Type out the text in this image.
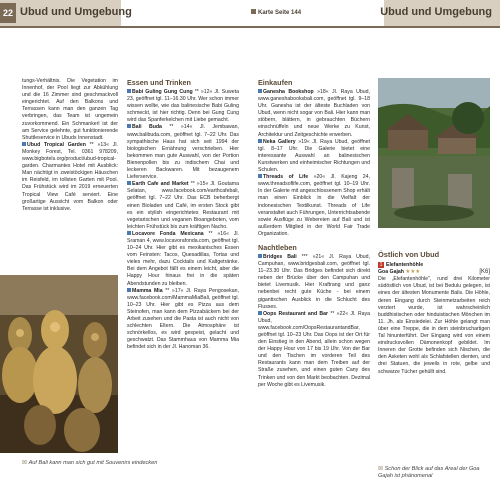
22 Ubud und Umgebung	Karte Seite 144	Ubud und Umgebung

tungs-Verhältnis. Die Vegetation im Innenhof, der Pool liegt zur Abkühlung und die 16 Zimmer sind geschmackvoll eingerichtet. Auf den Balkons und Terrassen kann man den ganzen Tag verbringen, das Team ist ungemein zuvorkommend. Ein Schmankerl ist der am Service gelehnte, gut funktionierende Shuttleservice in Ubuds Innenstadt.

Ubud Tropical Garden ** »13« Jl. Monkey Forest, Tel. 0361 978209, www.bigbotels.org/product/ubud-tropical-garden. Charmantes Hotel mit Ausblick: Man nächtigt in zweistöckigen Häuschen im Reisfeld, im tollsten Garten mit Pool. Das Frühstück wird im 2019 erneuerten Tropical View Café serviert. Eine großartige Aussicht vom Balkon oder Terrasse ist inklusive.

Essen und Trinken

Babi Guling Gung Cung ** »12« Jl. Suweta 23, geöffnet tgl. 11–16.30 Uhr. Wer schon immer wissen wollte, wie das balinesische Babi Guling schmeckt, ist hier richtig. Denn bei Gung Cung wird das Spanferkelchen mit Liebe gemacht.

Bali Buda ** »14« Jl. Jembawan, www.balibuda.com, geöffnet tgl. 7–22 Uhr. Das sympathische Haus hat sich seit 1994 der biologischen Ernährung verschrieben. Hier bekommen man gute Auswahl, von der Portion Bienenpollen bis zu indischem Chai und leckeren Backwaren. Mit bezaugenem Lieferservice.

Earth Cafe and Market ** »15« Jl. Goutama Selatan, www.facebook.com/earthcafebali, geöffnet tgl. 7–22 Uhr. Das ECB beherbergt einen Bioladen und Café, im ersten Stock gibt es ein stylish eingerichtetes Restaurant mit vegetarischen und veganen Bioangeboten, vom leichten Frühstück bis zum kräftigen Nacho.

Locavore Fonda Mexicana ** »16« Jl. Sraman 4, www.locavorafonda.com, geöffnet tgl. 10–24 Uhr. Hier gibt es mexikanisches Essen vom Feinsten: Tacos, Quesadillas, Tortas und vieles mehr, dazu Cocktails und Kaltgetränke. Bei dem Angebot fällt es einem leicht, aber die Happy Hour hinaus frei in die späten Abendstunden zu bleiben.

Mamma Mia ** »17« Jl. Raya Pengosekan, www.facebook.com/MammaMiaBali, geöffnet tgl. 10–23 Uhr. Hier gibt es Pizza aus dem Steinofen, man kann dem Pizzabäckern bei der Arbeit zusehen und die Pasta ist auch nicht von schlechten Eltern. Die Atmosphäre ist schnörkellos, es wird gespeist, gelacht und geschwatzt. Das Stammhaus von Mamma Mia befindet sich in der Jl. Hanoman 36.

Einkaufen

Ganesha Bookshop »18« Jl. Raya Ubud, www.ganeshabooksbali.com, geöffnet tgl. 9–18 Uhr. Ganesha ist der älteste Buchladen von Ubud, wenn nicht sogar von Bali. Hier kann man stöbern, blättern, in gebrauchten Büchern einschnüffeln und neue Werke zu Kunst, Architektur und Zeitgeschichte erwerben.

Neka Gallery »19« Jl. Raya Ubud, geöffnet tgl. 8–17 Uhr. Die Galerie bietet eine interessante Auswahl an balinesischen Kunstwerken und einheimischer Richtungen und Schulen.

Threads of Life »20« Jl. Kajeng 24, www.threadsoflife.com, geöffnet tgl. 10–19 Uhr. In der Galerie mit angeschlossenem Shop erhält man einen Einblick in die Vielfalt der indonesischen Textilkunst. Threads of Life veranstaltet auch Führungen, Unterrichtsabende sowie Ausflüge zu Webereien auf Bali und ist außerdem Mitglied in der World Fair Trade Organization.

Nachtleben

Bridges Bali *** »21« Jl. Raya Ubud, Campuhan, www.bridgesbali.com, geöffnet tgl. 11–23.30 Uhr. Das Bridges befindet sich direkt neben der Brücke über den Campuhan und bietet Livemusik. Hier Kraftrang und ganz nebenbei recht gute Küche - bei einem gigantischen Ausblick in die Schlucht des Flusses.

Oops Restaurant and Bar ** »22« Jl. Raya Ubud, www.facebook.com/OopsRestaurantandBar, geöffnet tgl. 10–23 Uhr. Das Oops ist der Ort für den Einstieg in den Abend, allein schon wegen der Happy Hour von 17 bis 19 Uhr. Von der Bar und den Tischen im vorderen Teil des Restaurants kann man dem Treiben auf der Straße zusehen, und einen guten Cany des Trinken und von den Markt beobachten. Dezimal per Woche gibt es Livemusik.

Östlich von Ubud
1 Elefantenhöhle
Goa Gajah ★★★	[K6]

Die „Elefantenhöhle", rund drei Kilometer südöstlich von Ubud, ist bei Bedulu gelegen, ist eines der ältesten Monumente Balis. Die Höhle, deren Eingang durch Steinmetzarbeiten reich verziert wurde, ist wahrscheinlich buddhistischen oder hinduistischen Mönchen im 11. Jh. als Einsiedelei. Zur Höhle gelangt man über eine Treppe, die in dem steinbruchartigen Tal hinunterführt. Der Eingang wird von einem eindrucksvollen Dämonenkopf gebildet. Im Inneren der Grotte befinden sich Nischen, die den Asketen wohl als Schlafstellen dienten, und drei Statuen, die jeweils in rote, gelbe und schwarze Tücher gehüllt sind.

☒ Auf Bali kann man sich gut mit Souvenirs eindecken
☒ Schon der Blick auf das Areal der Goa Gajah ist phänomenal
